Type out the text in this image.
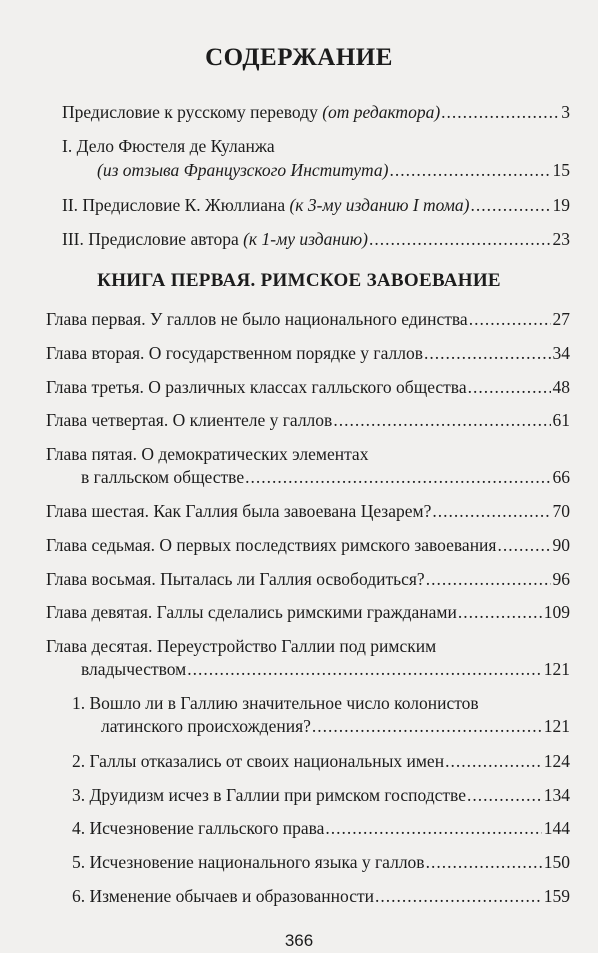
СОДЕРЖАНИЕ
Предисловие к русскому переводу (от редактора) .....	3
I. Дело Фюстеля де Куланжа
(из отзыва Французского Института) .....	15
II. Предисловие К. Жюллиана (к 3-му изданию I тома) .....	19
III. Предисловие автора (к 1-му изданию) .....	23
КНИГА ПЕРВАЯ. РИМСКОЕ ЗАВОЕВАНИЕ
Глава первая. У галлов не было национального единства .....	27
Глава вторая. О государственном порядке у галлов .....	34
Глава третья. О различных классах галльского общества .....	48
Глава четвертая. О клиентеле у галлов .....	61
Глава пятая. О демократических элементах
в галльском обществе .....	66
Глава шестая. Как Галлия была завоевана Цезарем? .....	70
Глава седьмая. О первых последствиях римского завоевания .....	90
Глава восьмая. Пыталась ли Галлия освободиться? .....	96
Глава девятая. Галлы сделались римскими гражданами .....	109
Глава десятая. Переустройство Галлии под римским
владычеством .....	121
1. Вошло ли в Галлию значительное число колонистов
латинского происхождения? .....	121
2. Галлы отказались от своих национальных имен .....	124
3. Друидизм исчез в Галлии при римском господстве .....	134
4. Исчезновение галльского права .....	144
5. Исчезновение национального языка у галлов .....	150
6. Изменение обычаев и образованности .....	159
366
